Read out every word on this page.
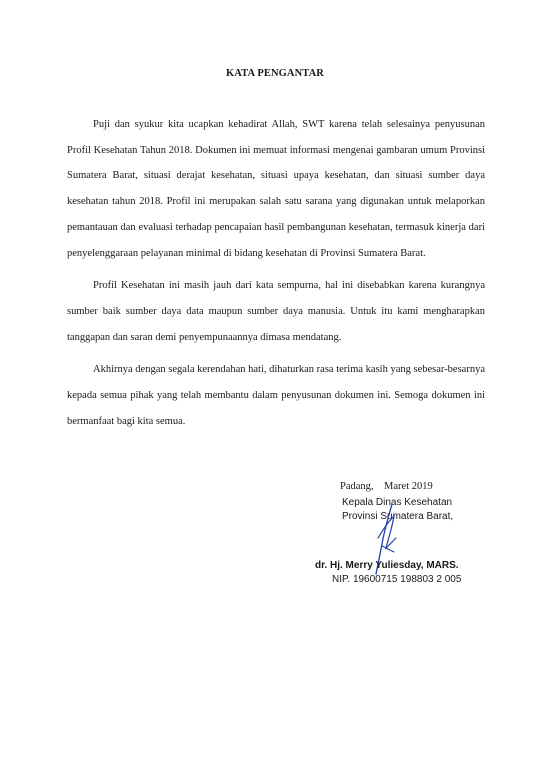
KATA PENGANTAR

Puji dan syukur kita ucapkan kehadirat Allah, SWT karena telah selesainya penyusunan Profil Kesehatan Tahun 2018. Dokumen ini memuat informasi mengenai gambaran umum Provinsi Sumatera Barat, situasi derajat kesehatan, situasi upaya kesehatan, dan situasi sumber daya kesehatan tahun 2018. Profil ini merupakan salah satu sarana yang digunakan untuk melaporkan pemantauan dan evaluasi terhadap pencapaian hasil pembangunan kesehatan, termasuk kinerja dari penyelenggaraan pelayanan minimal di bidang kesehatan di Provinsi Sumatera Barat.

Profil Kesehatan ini masih jauh dari kata sempurna, hal ini disebabkan karena kurangnya sumber baik sumber daya data maupun sumber daya manusia. Untuk itu kami mengharapkan tanggapan dan saran demi penyempunaannya dimasa mendatang.

Akhirnya dengan segala kerendahan hati, dihaturkan rasa terima kasih yang sebesar-besarnya kepada semua pihak yang telah membantu dalam penyusunan dokumen ini. Semoga dokumen ini bermanfaat bagi kita semua.

Padang,    Maret 2019
Kepala Dinas Kesehatan
Provinsi Sumatera Barat,
dr. Hj. Merry Yuliesday, MARS.
NIP. 19600715 198803 2 005
